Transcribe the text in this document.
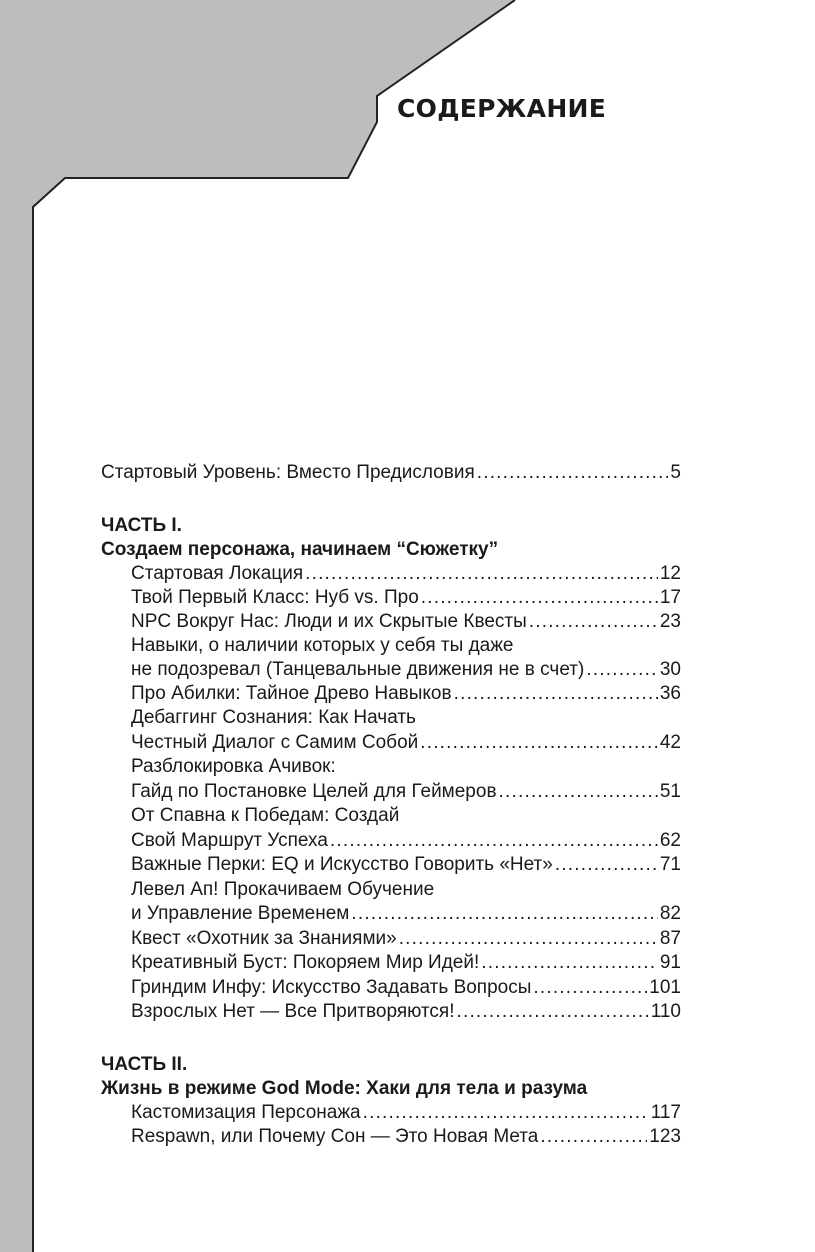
СОДЕРЖАНИЕ
Стартовый Уровень: Вместо Предисловия .....	5
ЧАСТЬ I.
Создаем персонажа, начинаем “Сюжетку”
Стартовая Локация .....	12
Твой Первый Класс: Нуб vs. Про .....	17
NPC Вокруг Нас: Люди и их Скрытые Квесты .....	23
Навыки, о наличии которых у себя ты даже
не подозревал (Танцевальные движения не в счет) .....	30
Про Абилки: Тайное Древо Навыков .....	36
Дебаггинг Сознания: Как Начать
Честный Диалог с Самим Собой .....	42
Разблокировка Ачивок:
Гайд по Постановке Целей для Геймеров .....	51
От Спавна к Победам: Создай
Свой Маршрут Успеха .....	62
Важные Перки: EQ и Искусство Говорить «Нет» .....	71
Левел Ап! Прокачиваем Обучение
и Управление Временем .....	82
Квест «Охотник за Знаниями» .....	87
Креативный Буст: Покоряем Мир Идей! .....	91
Гриндим Инфу: Искусство Задавать Вопросы .....	101
Взрослых Нет — Все Притворяются! .....	110
ЧАСТЬ II.
Жизнь в режиме God Mode: Хаки для тела и разума
Кастомизация Персонажа .....	117
Respawn, или Почему Сон — Это Новая Мета .....	123
